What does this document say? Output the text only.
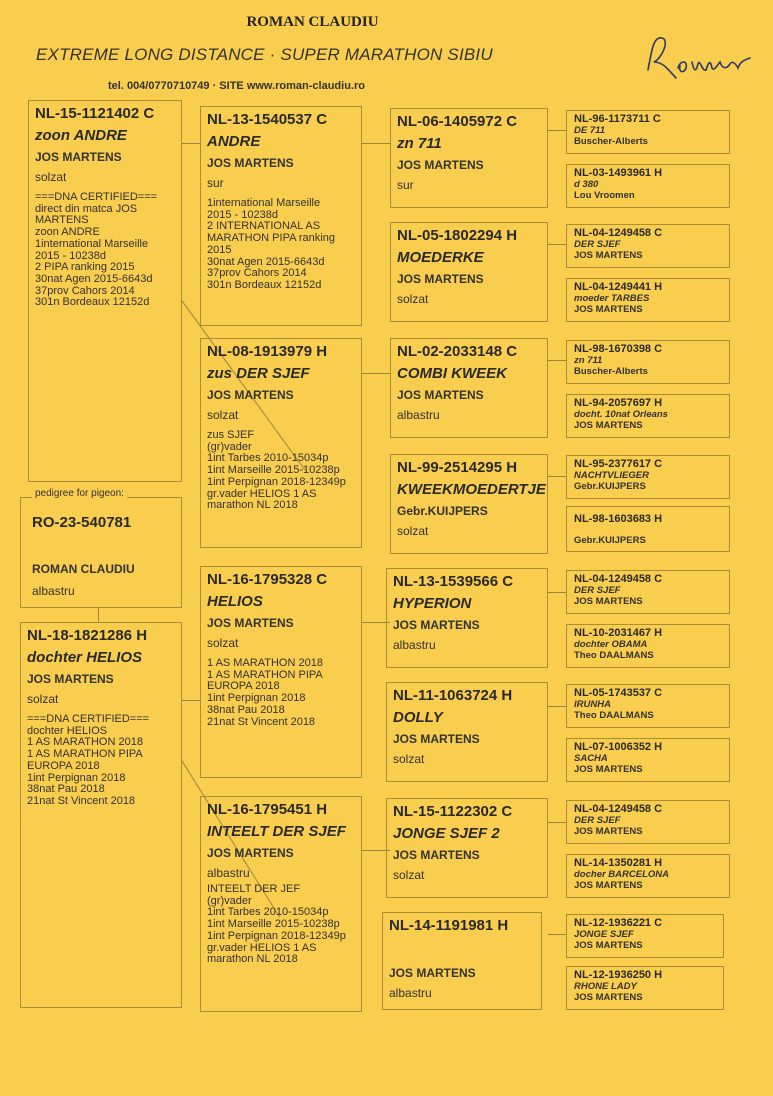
ROMAN CLAUDIU
EXTREME LONG DISTANCE · SUPER MARATHON SIBIU
tel. 004/0770710749 · SITE www.roman-claudiu.ro
pedigree for pigeon:
RO-23-540781
ROMAN CLAUDIU
albastru
NL-15-1121402 C
zoon ANDRE
JOS MARTENS
solzat
===DNA CERTIFIED===
direct din matca JOS
MARTENS
zoon ANDRE
1international Marseille
2015 - 10238d
2 PIPA ranking 2015
30nat Agen 2015-6643d
37prov Cahors 2014
301n Bordeaux 12152d
NL-18-1821286 H
dochter HELIOS
JOS MARTENS
solzat
===DNA CERTIFIED===
dochter HELIOS
1 AS MARATHON 2018
1 AS MARATHON PIPA
EUROPA 2018
1int Perpignan 2018
38nat Pau 2018
21nat St Vincent 2018
NL-13-1540537 C
ANDRE
JOS MARTENS
sur
1international Marseille
2015 - 10238d
2 INTERNATIONAL AS
MARATHON PIPA ranking
2015
30nat Agen 2015-6643d
37prov Cahors 2014
301n Bordeaux 12152d
NL-08-1913979 H
zus DER SJEF
JOS MARTENS
solzat
zus SJEF
(gr)vader
1int Tarbes 2010-15034p
1int Marseille 2015-10238p
1int Perpignan 2018-12349p
gr.vader HELIOS 1 AS
marathon NL 2018
NL-16-1795328 C
HELIOS
JOS MARTENS
solzat
1 AS MARATHON 2018
1 AS MARATHON PIPA
EUROPA 2018
1int Perpignan 2018
38nat Pau 2018
21nat St Vincent 2018
NL-16-1795451 H
INTEELT DER SJEF
JOS MARTENS
albastru
INTEELT DER JEF
(gr)vader
1int Tarbes 2010-15034p
1int Marseille 2015-10238p
1int Perpignan 2018-12349p
gr.vader HELIOS 1 AS
marathon NL 2018
NL-06-1405972 C
zn 711
JOS MARTENS
sur
NL-05-1802294 H
MOEDERKE
JOS MARTENS
solzat
NL-02-2033148 C
COMBI KWEEK
JOS MARTENS
albastru
NL-99-2514295 H
KWEEKMOEDERTJE
Gebr.KUIJPERS
solzat
NL-13-1539566 C
HYPERION
JOS MARTENS
albastru
NL-11-1063724 H
DOLLY
JOS MARTENS
solzat
NL-15-1122302 C
JONGE SJEF 2
JOS MARTENS
solzat
NL-14-1191981 H
JOS MARTENS
albastru
NL-96-1173711 C
DE 711
Buscher-Alberts
NL-03-1493961 H
d 380
Lou Vroomen
NL-04-1249458 C
DER SJEF
JOS MARTENS
NL-04-1249441 H
moeder TARBES
JOS MARTENS
NL-98-1670398 C
zn 711
Buscher-Alberts
NL-94-2057697 H
docht. 10nat Orleans
JOS MARTENS
NL-95-2377617 C
NACHTVLIEGER
Gebr.KUIJPERS
NL-98-1603683 H
Gebr.KUIJPERS
NL-04-1249458 C
DER SJEF
JOS MARTENS
NL-10-2031467 H
dochter OBAMA
Theo DAALMANS
NL-05-1743537 C
IRUNHA
Theo DAALMANS
NL-07-1006352 H
SACHA
JOS MARTENS
NL-04-1249458 C
DER SJEF
JOS MARTENS
NL-14-1350281 H
docher BARCELONA
JOS MARTENS
NL-12-1936221 C
JONGE SJEF
JOS MARTENS
NL-12-1936250 H
RHONE LADY
JOS MARTENS
